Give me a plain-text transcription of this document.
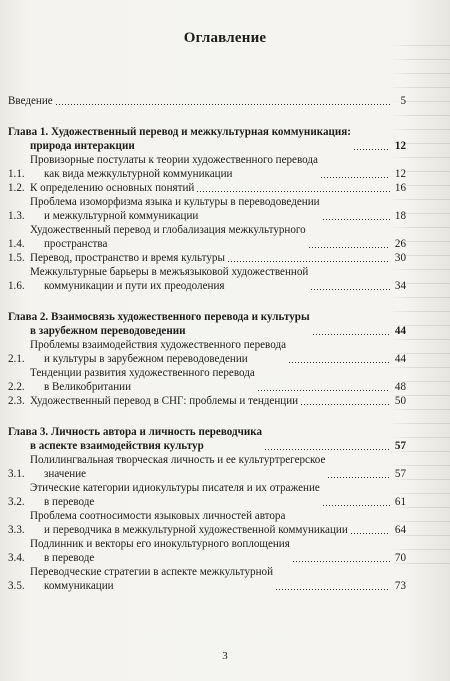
Оглавление
Введение	5
Глава 1. Художественный перевод и межкультурная коммуникация:
природа интеракции	12
1.1.
Провизорные постулаты к теории художественного перевода
как вида межкультурной коммуникации	12
1.2. К определению основных понятий	16
1.3.
Проблема изоморфизма языка и культуры в переводоведении
и межкультурной коммуникации	18
1.4.
Художественный перевод и глобализация межкультурного
пространства	26
1.5. Перевод, пространство и время культуры	30
1.6.
Межкультурные барьеры в межъязыковой художественной
коммуникации и пути их преодоления	34
Глава 2. Взаимосвязь художественного перевода и культуры
в зарубежном переводоведении	44
2.1.
Проблемы взаимодействия художественного перевода
и культуры в зарубежном переводоведении	44
2.2.
Тенденции развития художественного перевода
в Великобритании	48
2.3. Художественный перевод в СНГ: проблемы и тенденции	50
Глава 3. Личность автора и личность переводчика
в аспекте взаимодействия культур	57
3.1.
Полилингвальная творческая личность и ее культуртрегерское
значение	57
3.2.
Этические категории идиокультуры писателя и их отражение
в переводе	61
3.3.
Проблема соотносимости языковых личностей автора
и переводчика в межкультурной художественной коммуникации	64
3.4.
Подлинник и векторы его инокультурного воплощения
в переводе	70
3.5.
Переводческие стратегии в аспекте межкультурной
коммуникации	73
3
